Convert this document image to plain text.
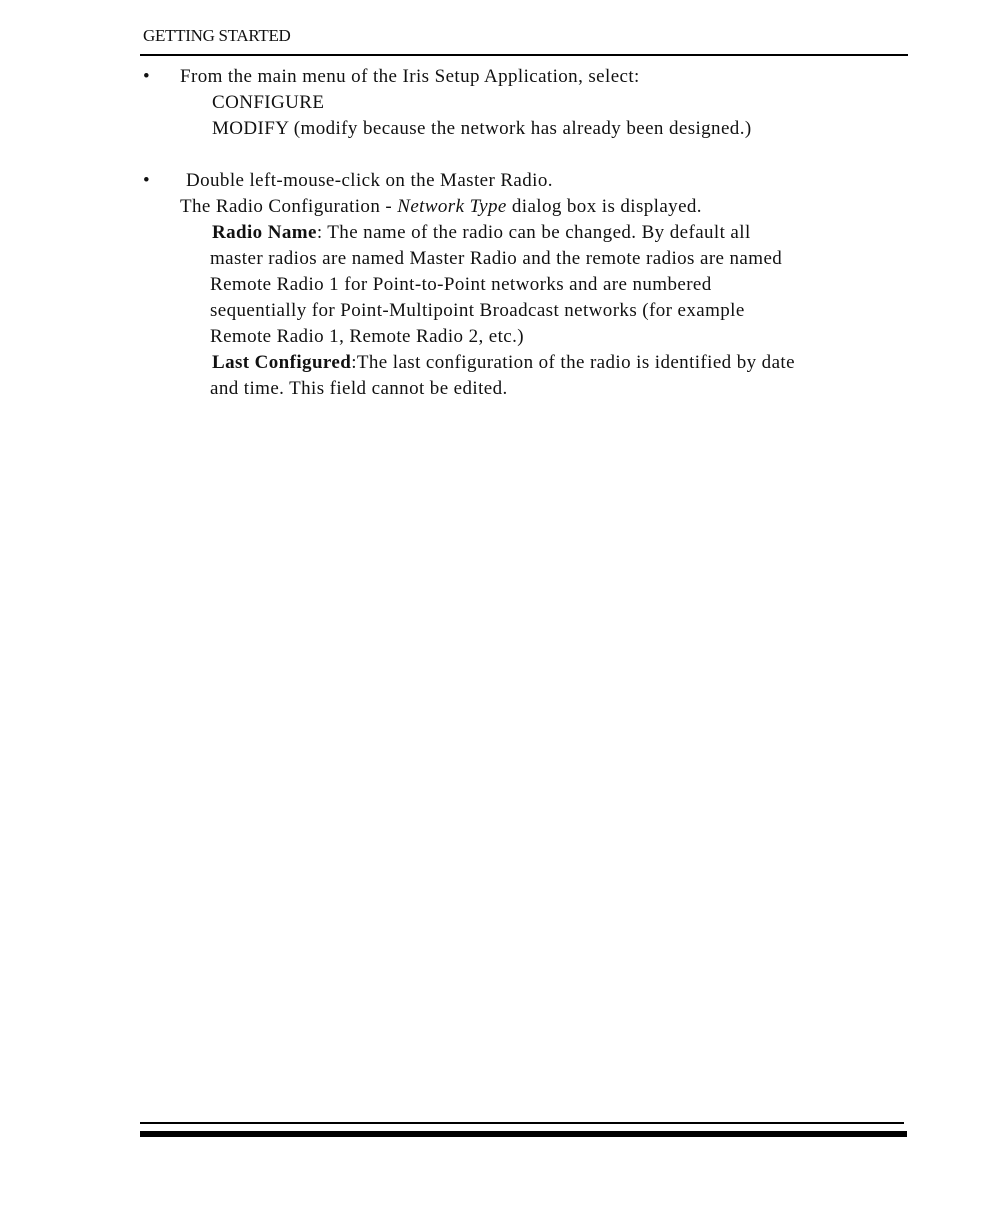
GETTING STARTED
• From the main menu of the Iris Setup Application, select:
CONFIGURE
MODIFY (modify because the network has already been designed.)
• Double left-mouse-click on the Master Radio.
The Radio Configuration - Network Type dialog box is displayed.
Radio Name: The name of the radio can be changed. By default all
master radios are named Master Radio and the remote radios are named
Remote Radio 1 for Point-to-Point networks and are numbered
sequentially for Point-Multipoint Broadcast networks (for example
Remote Radio 1, Remote Radio 2, etc.)
Last Configured:The last configuration of the radio is identified by date
and time. This field cannot be edited.
